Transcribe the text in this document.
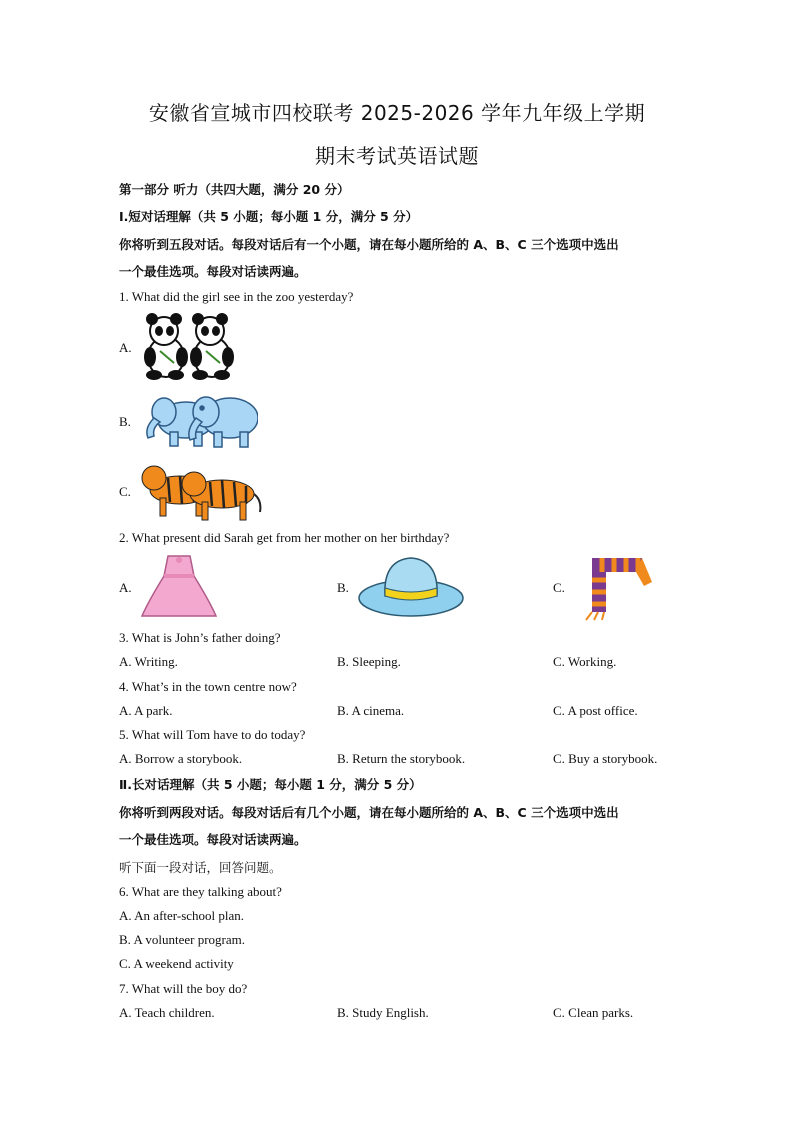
安徽省宣城市四校联考 2025-2026 学年九年级上学期
期末考试英语试题
第一部分 听力（共四大题，满分 20 分）
Ⅰ.短对话理解（共 5 小题；每小题 1 分，满分 5 分）
你将听到五段对话。每段对话后有一个小题，请在每小题所给的 A、B、C 三个选项中选出
一个最佳选项。每段对话读两遍。
1. What did the girl see in the zoo yesterday?
A.
B.
C.
2. What present did Sarah get from her mother on her birthday?
A.	B.	C.
3. What is John’s father doing?
A. Writing.	B. Sleeping.	C. Working.
4. What’s in the town centre now?
A. A park.	B. A cinema.	C. A post office.
5. What will Tom have to do today?
A. Borrow a storybook.	B. Return the storybook.	C. Buy a storybook.
Ⅱ.长对话理解（共 5 小题；每小题 1 分，满分 5 分）
你将听到两段对话。每段对话后有几个小题，请在每小题所给的 A、B、C 三个选项中选出
一个最佳选项。每段对话读两遍。
听下面一段对话，回答问题。
6. What are they talking about?
A. An after-school plan.
B. A volunteer program.
C. A weekend activity
7. What will the boy do?
A. Teach children.	B. Study English.	C. Clean parks.
